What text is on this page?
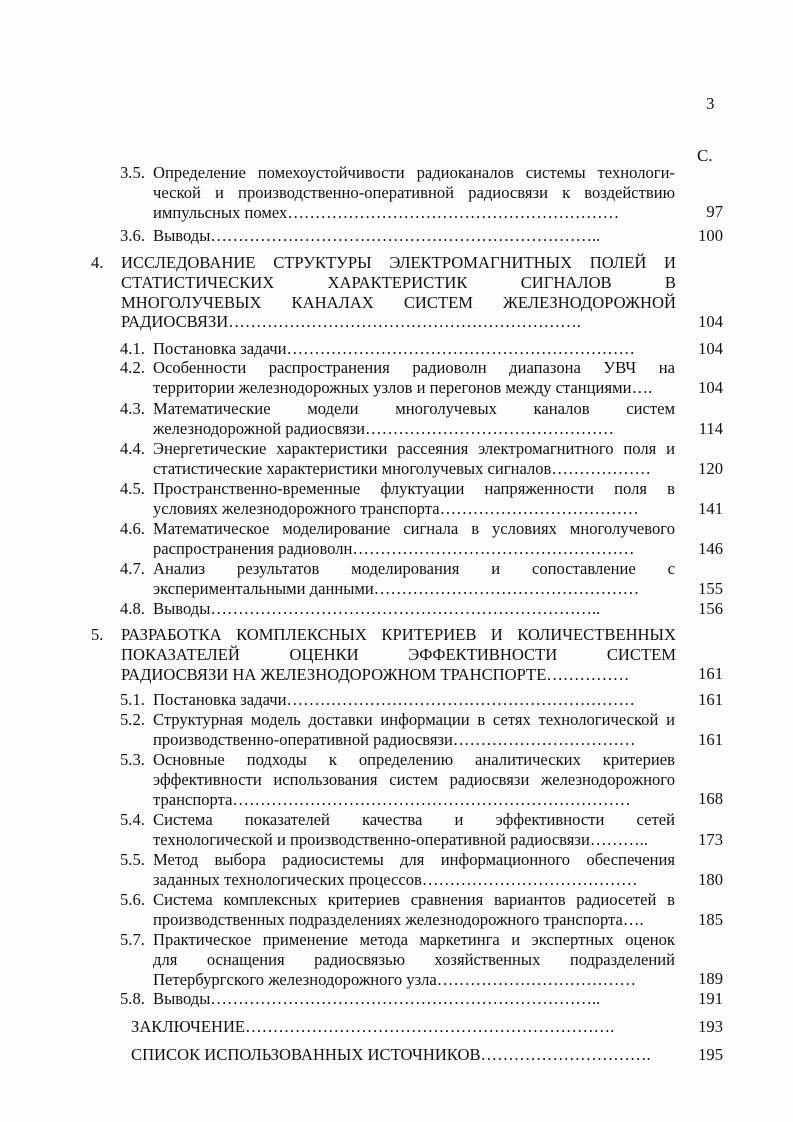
3
С.
3.5. Определение помехоустойчивости радиоканалов системы технологи-
ческой и производственно-оперативной радиосвязи к воздействию
импульсных помех……………………………………………………	97
3.6. Выводы……………………………………………………………..	100
4. ИССЛЕДОВАНИЕ СТРУКТУРЫ ЭЛЕКТРОМАГНИТНЫХ ПОЛЕЙ И
СТАТИСТИЧЕСКИХ ХАРАКТЕРИСТИК СИГНАЛОВ В
МНОГОЛУЧЕВЫХ КАНАЛАХ СИСТЕМ ЖЕЛЕЗНОДОРОЖНОЙ
РАДИОСВЯЗИ……………………………………………………….	104
4.1. Постановка задачи………………………………………………………	104
4.2. Особенности распространения радиоволн диапазона УВЧ на
территории железнодорожных узлов и перегонов между станциями….	104
4.3. Математические модели многолучевых каналов систем
железнодорожной радиосвязи………………………………………	114
4.4. Энергетические характеристики рассеяния электромагнитного поля и
статистические характеристики многолучевых сигналов………………	120
4.5. Пространственно-временные флуктуации напряженности поля в
условиях железнодорожного транспорта………………………………	141
4.6. Математическое моделирование сигнала в условиях многолучевого
распространения радиоволн……………………………………………	146
4.7. Анализ результатов моделирования и сопоставление с
экспериментальными данными…………………………………………	155
4.8. Выводы……………………………………………………………..	156
5. РАЗРАБОТКА КОМПЛЕКСНЫХ КРИТЕРИЕВ И КОЛИЧЕСТВЕННЫХ
ПОКАЗАТЕЛЕЙ ОЦЕНКИ ЭФФЕКТИВНОСТИ СИСТЕМ
РАДИОСВЯЗИ НА ЖЕЛЕЗНОДОРОЖНОМ ТРАНСПОРТЕ……………	161
5.1. Постановка задачи………………………………………………………	161
5.2. Структурная модель доставки информации в сетях технологической и
производственно-оперативной радиосвязи……………………………	161
5.3. Основные подходы к определению аналитических критериев
эффективности использования систем радиосвязи железнодорожного
транспорта………………………………………………………………	168
5.4. Система показателей качества и эффективности сетей
технологической и производственно-оперативной радиосвязи………..	173
5.5. Метод выбора радиосистемы для информационного обеспечения
заданных технологических процессов…………………………………	180
5.6. Система комплексных критериев сравнения вариантов радиосетей в
производственных подразделениях железнодорожного транспорта….	185
5.7. Практическое применение метода маркетинга и экспертных оценок
для оснащения радиосвязью хозяйственных подразделений
Петербургского железнодорожного узла………………………………	189
5.8. Выводы……………………………………………………………..	191
ЗАКЛЮЧЕНИЕ………………………………………………………….	193
СПИСОК ИСПОЛЬЗОВАННЫХ ИСТОЧНИКОВ………………………….	195
